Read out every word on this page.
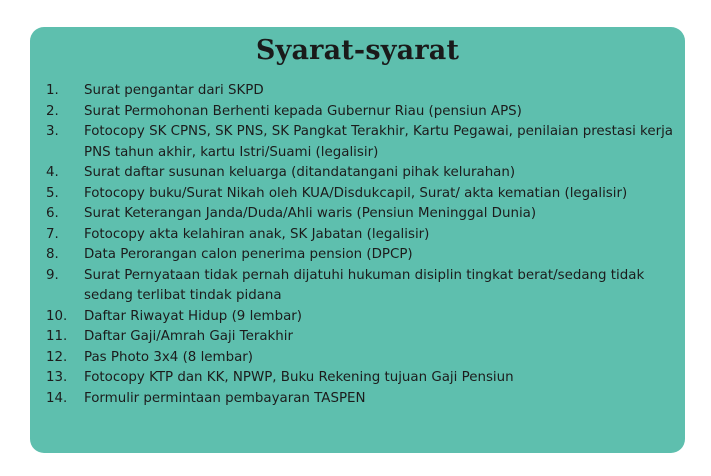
Syarat-syarat
1.	Surat pengantar dari SKPD
2.	Surat Permohonan Berhenti kepada Gubernur Riau (pensiun APS)
3.	Fotocopy SK CPNS, SK PNS, SK Pangkat Terakhir, Kartu Pegawai, penilaian prestasi kerja PNS tahun akhir, kartu Istri/Suami (legalisir)
4.	Surat daftar susunan keluarga (ditandatangani pihak kelurahan)
5.	Fotocopy buku/Surat Nikah oleh KUA/Disdukcapil, Surat/ akta kematian (legalisir)
6.	Surat Keterangan Janda/Duda/Ahli waris (Pensiun Meninggal Dunia)
7.	Fotocopy akta kelahiran anak, SK Jabatan (legalisir)
8.	Data Perorangan calon penerima pension (DPCP)
9.	Surat Pernyataan tidak pernah dijatuhi hukuman disiplin tingkat berat/sedang tidak sedang terlibat tindak pidana
10.	Daftar Riwayat Hidup (9 lembar)
11.	Daftar Gaji/Amrah Gaji Terakhir
12.	Pas Photo 3x4 (8 lembar)
13.	Fotocopy KTP dan KK, NPWP, Buku Rekening tujuan Gaji Pensiun
14.	Formulir permintaan pembayaran TASPEN
